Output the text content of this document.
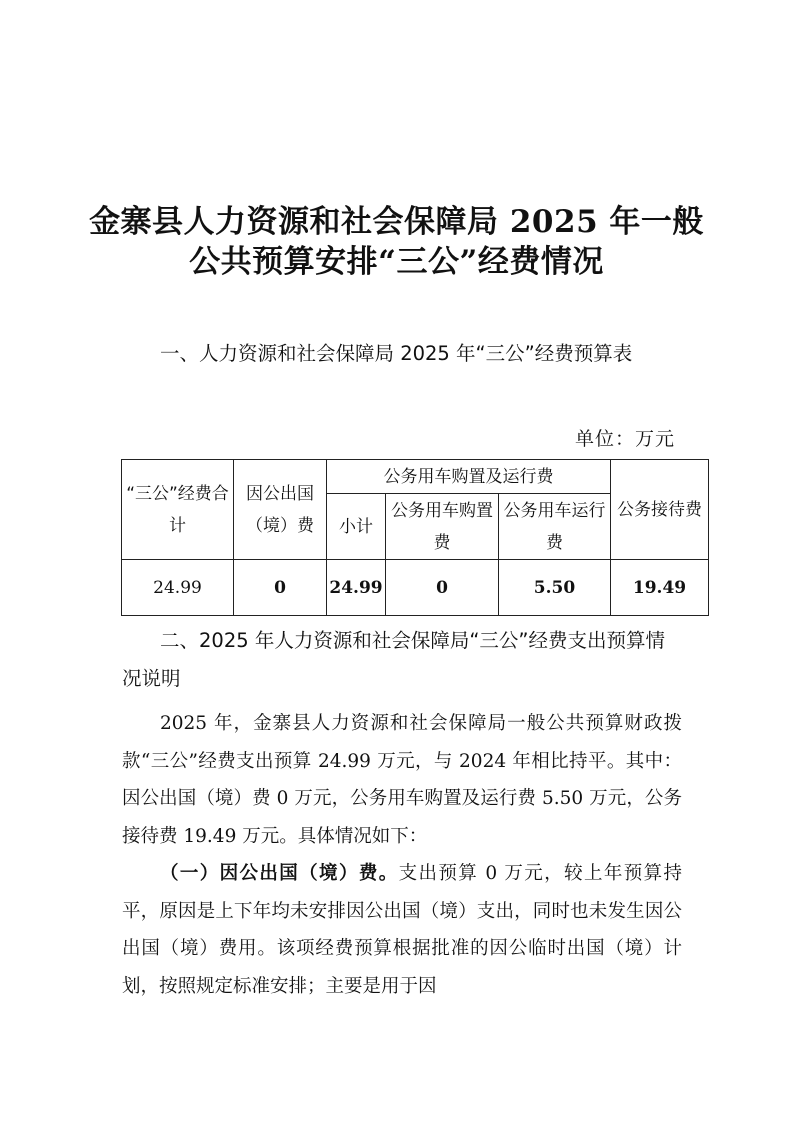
金寨县人力资源和社会保障局 2025 年一般
公共预算安排“三公”经费情况
一、人力资源和社会保障局 2025 年“三公”经费预算表
单位：万元
“三公”经费合计	因公出国（境）费	公务用车购置及运行费			公务接待费
		小计	公务用车购置费	公务用车运行费	
24.99	0	24.99	0	5.50	19.49
二、2025 年人力资源和社会保障局“三公”经费支出预算情况说明
2025 年，金寨县人力资源和社会保障局一般公共预算财政拨款“三公”经费支出预算 24.99 万元，与 2024 年相比持平。其中：因公出国（境）费 0 万元，公务用车购置及运行费 5.50 万元，公务接待费 19.49 万元。具体情况如下：
（一）因公出国（境）费。支出预算 0 万元，较上年预算持平，原因是上下年均未安排因公出国（境）支出，同时也未发生因公出国（境）费用。该项经费预算根据批准的因公临时出国（境）计划，按照规定标准安排；主要是用于因
